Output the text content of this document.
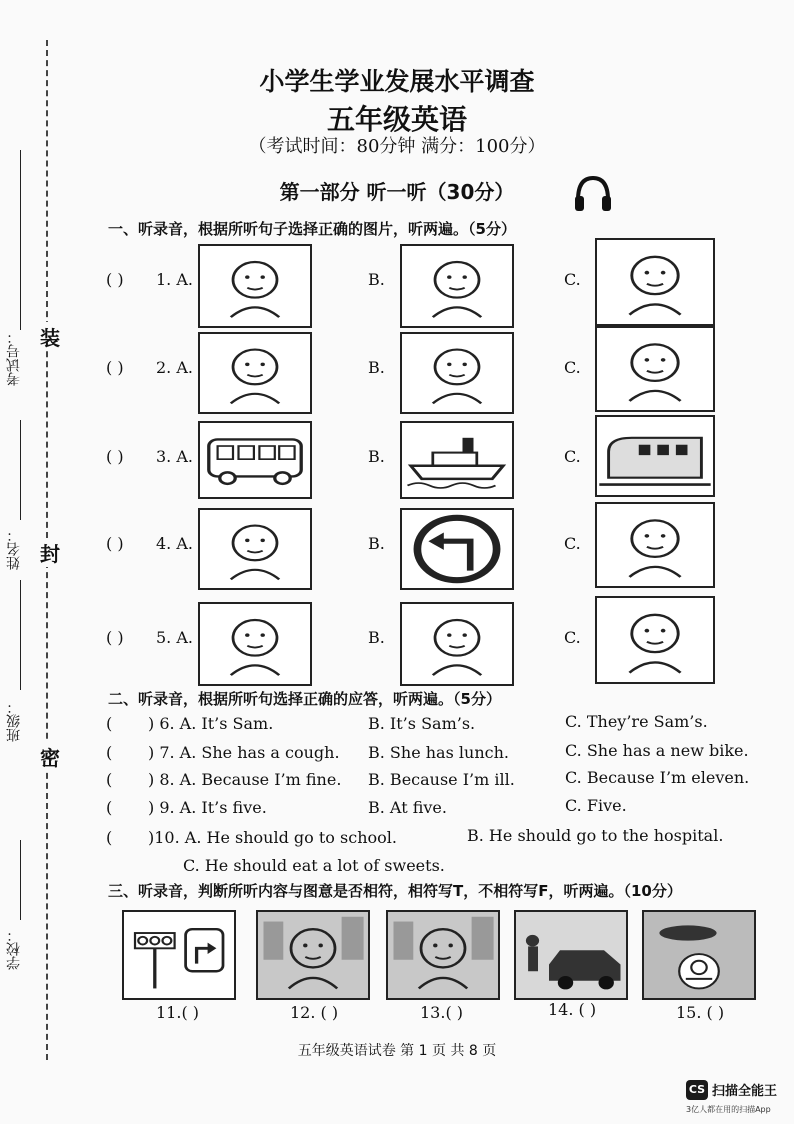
考试号：
姓名：
班级：
学校：
装
封
密
小学生学业发展水平调查
五年级英语
（考试时间：80分钟 满分：100分）
第一部分 听一听（30分）
一、听录音，根据所听句子选择正确的图片，听两遍。（5分）
( ) 1. A.	B.	C.
( ) 2. A.	B.	C.
( ) 3. A.	B.	C.
( ) 4. A.	B.	C.
( ) 5. A.	B.	C.
二、听录音，根据所听句选择正确的应答，听两遍。（5分）
( ) 6. A. It’s Sam.	B. It’s Sam’s.	C. They’re Sam’s.
( ) 7. A. She has a cough. B. She has lunch.	C. She has a new bike.
( ) 8. A. Because I’m fine. B. Because I’m ill.	C. Because I’m eleven.
( ) 9. A. It’s five.	B. At five.	C. Five.
( )10. A. He should go to school.	B. He should go to the hospital.
C. He should eat a lot of sweets.
三、听录音，判断所听内容与图意是否相符，相符写T，不相符写F，听两遍。（10分）
11.( )	12. ( )	13.( )	14. ( )	15. ( )
五年级英语试卷 第 1 页 共 8 页
CS 扫描全能王
3亿人都在用的扫描App
